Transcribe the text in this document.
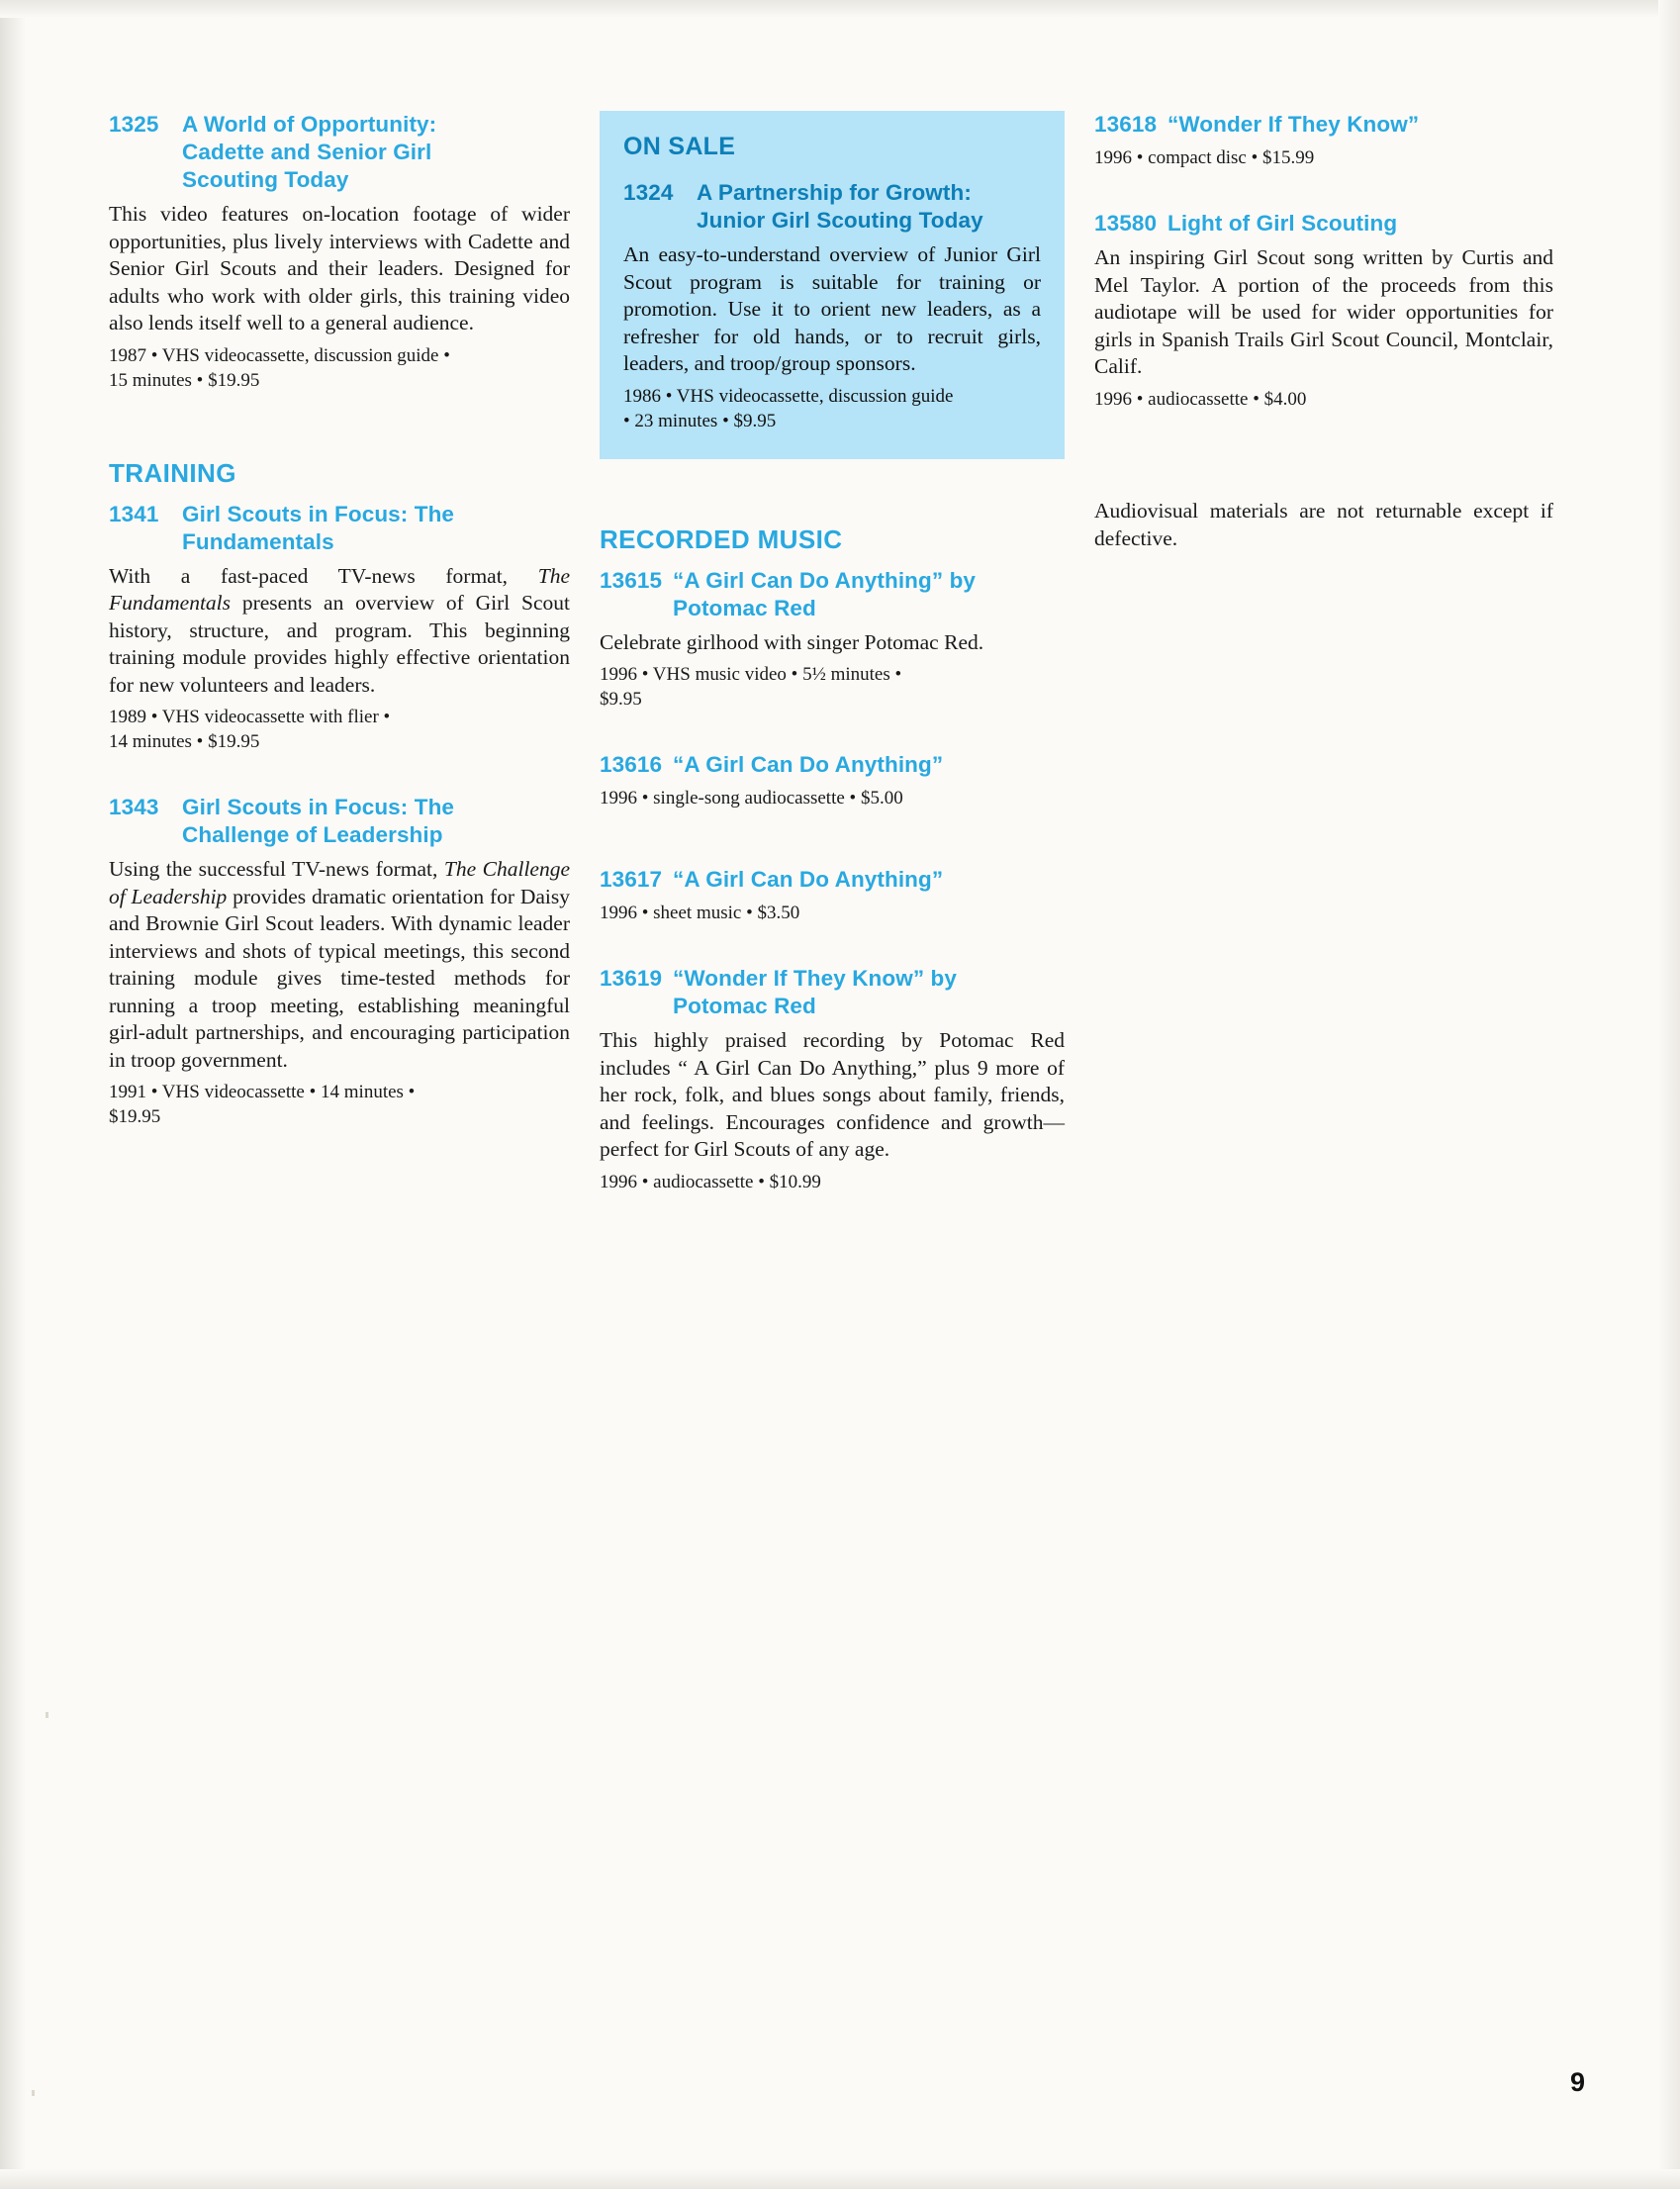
1325 A World of Opportunity:
Cadette and Senior Girl
Scouting Today

This video features on-location footage of wider opportunities, plus lively interviews with Cadette and Senior Girl Scouts and their leaders. Designed for adults who work with older girls, this training video also lends itself well to a general audience.

1987 • VHS videocassette, discussion guide •

15 minutes • $19.95

TRAINING
1341 Girl Scouts in Focus: The
Fundamentals

With a fast-paced TV-news format, The Fundamentals presents an overview of Girl Scout history, structure, and program. This beginning training module provides highly effective orientation for new volunteers and leaders.

1989 • VHS videocassette with flier •

14 minutes • $19.95

1343 Girl Scouts in Focus: The
Challenge of Leadership

Using the successful TV-news format, The Challenge of Leadership provides dramatic orientation for Daisy and Brownie Girl Scout leaders. With dynamic leader interviews and shots of typical meetings, this second training module gives time-tested methods for running a troop meeting, establishing meaningful girl-adult partnerships, and encouraging participation in troop government.

1991 • VHS videocassette • 14 minutes •

$19.95

ON SALE
1324 A Partnership for Growth:
Junior Girl Scouting Today

An easy-to-understand overview of Junior Girl Scout program is suitable for training or promotion. Use it to orient new leaders, as a refresher for old hands, or to recruit girls, leaders, and troop/group sponsors.

1986 • VHS videocassette, discussion guide

• 23 minutes • $9.95

RECORDED MUSIC
13615 “A Girl Can Do Anything” by
Potomac Red

Celebrate girlhood with singer Potomac Red.

1996 • VHS music video • 5½ minutes •

$9.95

13616 “A Girl Can Do Anything”

1996 • single-song audiocassette • $5.00

13617 “A Girl Can Do Anything”

1996 • sheet music • $3.50

13619 “Wonder If They Know” by
Potomac Red

This highly praised recording by Potomac Red includes “ A Girl Can Do Anything,” plus 9 more of her rock, folk, and blues songs about family, friends, and feelings. Encourages confidence and growth—perfect for Girl Scouts of any age.

1996 • audiocassette • $10.99

13618 “Wonder If They Know”

1996 • compact disc • $15.99

13580 Light of Girl Scouting

An inspiring Girl Scout song written by Curtis and Mel Taylor. A portion of the proceeds from this audiotape will be used for wider opportunities for girls in Spanish Trails Girl Scout Council, Montclair, Calif.

1996 • audiocassette • $4.00

Audiovisual materials are not returnable except if defective.

9
